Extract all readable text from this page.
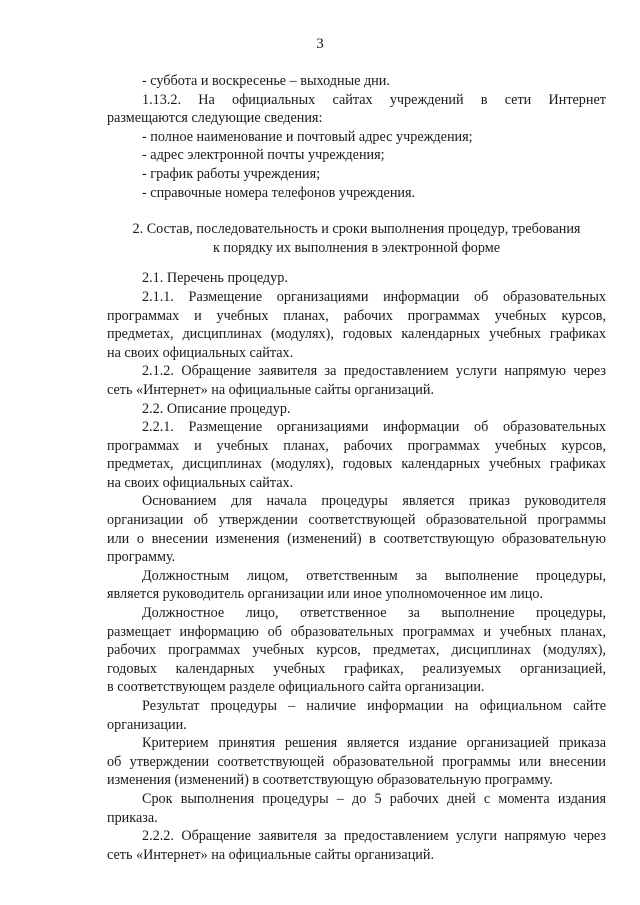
3
- суббота и воскресенье – выходные дни.
1.13.2. На официальных сайтах учреждений в сети Интернет
размещаются следующие сведения:
- полное наименование и почтовый адрес учреждения;
- адрес электронной почты учреждения;
- график работы учреждения;
- справочные номера телефонов учреждения.
2. Состав, последовательность и сроки выполнения процедур, требования
к порядку их выполнения в электронной форме
2.1. Перечень процедур.
2.1.1. Размещение организациями информации об образовательных
программах и учебных планах, рабочих программах учебных курсов,
предметах, дисциплинах (модулях), годовых календарных учебных графиках
на своих официальных сайтах.
2.1.2. Обращение заявителя за предоставлением услуги напрямую через
сеть «Интернет» на официальные сайты организаций.
2.2. Описание процедур.
2.2.1. Размещение организациями информации об образовательных
программах и учебных планах, рабочих программах учебных курсов,
предметах, дисциплинах (модулях), годовых календарных учебных графиках
на своих официальных сайтах.
Основанием для начала процедуры является приказ руководителя
организации об утверждении соответствующей образовательной программы
или о внесении изменения (изменений) в соответствующую образовательную
программу.
Должностным лицом, ответственным за выполнение процедуры,
является руководитель организации или иное уполномоченное им лицо.
Должностное лицо, ответственное за выполнение процедуры,
размещает информацию об образовательных программах и учебных планах,
рабочих программах учебных курсов, предметах, дисциплинах (модулях),
годовых календарных учебных графиках, реализуемых организацией,
в соответствующем разделе официального сайта организации.
Результат процедуры – наличие информации на официальном сайте
организации.
Критерием принятия решения является издание организацией приказа
об утверждении соответствующей образовательной программы или внесении
изменения (изменений) в соответствующую образовательную программу.
Срок выполнения процедуры – до 5 рабочих дней с момента издания
приказа.
2.2.2. Обращение заявителя за предоставлением услуги напрямую через
сеть «Интернет» на официальные сайты организаций.
